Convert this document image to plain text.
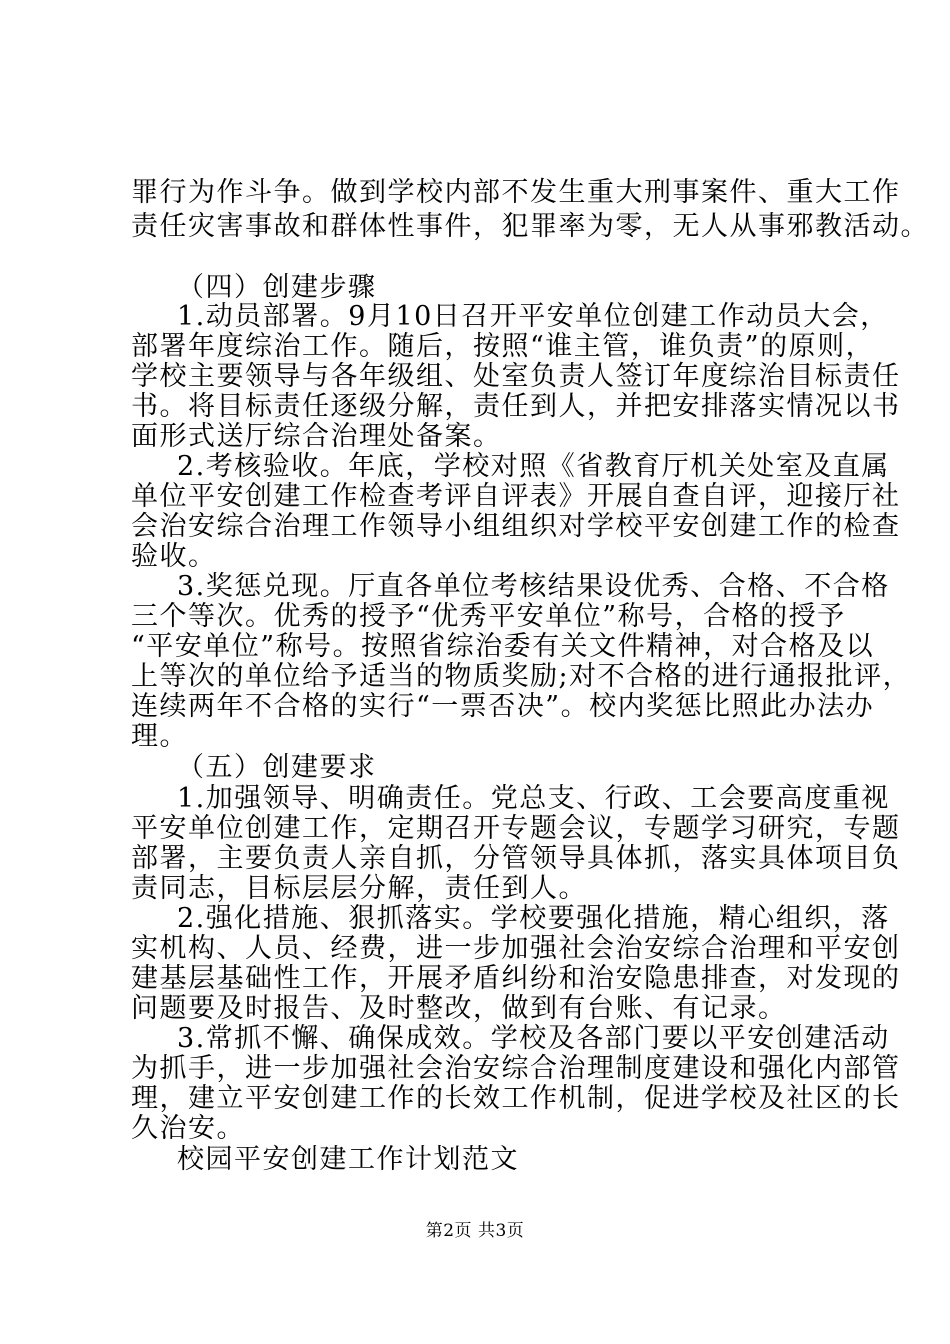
罪行为作斗争。做到学校内部不发生重大刑事案件、重大工作
责任灾害事故和群体性事件，犯罪率为零，无人从事邪教活动。
（四）创建步骤
1.动员部署。9月10日召开平安单位创建工作动员大会，
部署年度综治工作。随后，按照“谁主管，谁负责”的原则，
学校主要领导与各年级组、处室负责人签订年度综治目标责任
书。将目标责任逐级分解，责任到人，并把安排落实情况以书
面形式送厅综合治理处备案。
2.考核验收。年底，学校对照《省教育厅机关处室及直属
单位平安创建工作检查考评自评表》开展自查自评，迎接厅社
会治安综合治理工作领导小组组织对学校平安创建工作的检查
验收。
3.奖惩兑现。厅直各单位考核结果设优秀、合格、不合格
三个等次。优秀的授予“优秀平安单位”称号，合格的授予
“平安单位”称号。按照省综治委有关文件精神，对合格及以
上等次的单位给予适当的物质奖励;对不合格的进行通报批评，
连续两年不合格的实行“一票否决”。校内奖惩比照此办法办
理。
（五）创建要求
1.加强领导、明确责任。党总支、行政、工会要高度重视
平安单位创建工作，定期召开专题会议，专题学习研究，专题
部署，主要负责人亲自抓，分管领导具体抓，落实具体项目负
责同志，目标层层分解，责任到人。
2.强化措施、狠抓落实。学校要强化措施，精心组织，落
实机构、人员、经费，进一步加强社会治安综合治理和平安创
建基层基础性工作，开展矛盾纠纷和治安隐患排查，对发现的
问题要及时报告、及时整改，做到有台账、有记录。
3.常抓不懈、确保成效。学校及各部门要以平安创建活动
为抓手，进一步加强社会治安综合治理制度建设和强化内部管
理，建立平安创建工作的长效工作机制，促进学校及社区的长
久治安。
校园平安创建工作计划范文
第2页 共3页
